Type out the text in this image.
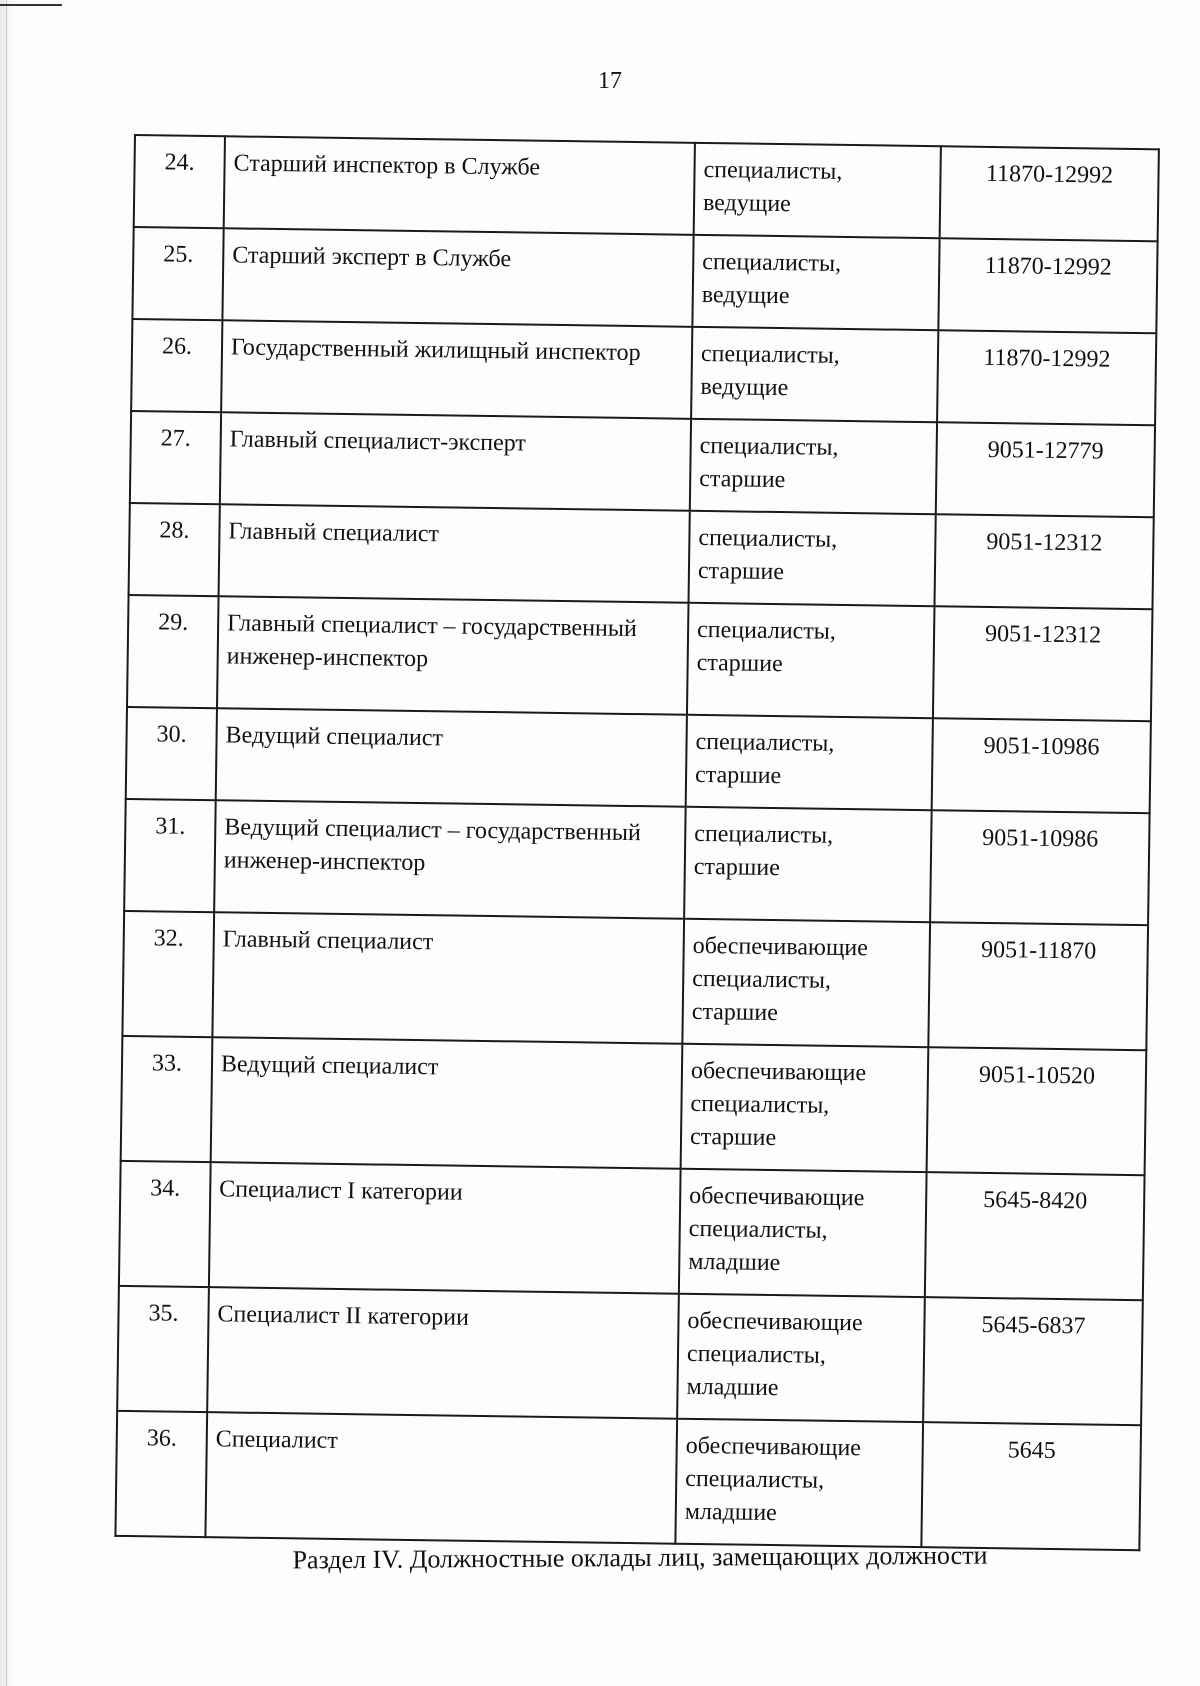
17
24.	Старший инспектор в Службе	специалисты, ведущие	11870-12992
25.	Старший эксперт в Службе	специалисты, ведущие	11870-12992
26.	Государственный жилищный инспектор	специалисты, ведущие	11870-12992
27.	Главный специалист-эксперт	специалисты, старшие	9051-12779
28.	Главный специалист	специалисты, старшие	9051-12312
29.	Главный специалист – государственный инженер-инспектор	специалисты, старшие	9051-12312
30.	Ведущий специалист	специалисты, старшие	9051-10986
31.	Ведущий специалист – государственный инженер-инспектор	специалисты, старшие	9051-10986
32.	Главный специалист	обеспечивающие специалисты, старшие	9051-11870
33.	Ведущий специалист	обеспечивающие специалисты, старшие	9051-10520
34.	Специалист I категории	обеспечивающие специалисты, младшие	5645-8420
35.	Специалист II категории	обеспечивающие специалисты, младшие	5645-6837
36.	Специалист	обеспечивающие специалисты, младшие	5645
Раздел IV. Должностные оклады лиц, замещающих должности
